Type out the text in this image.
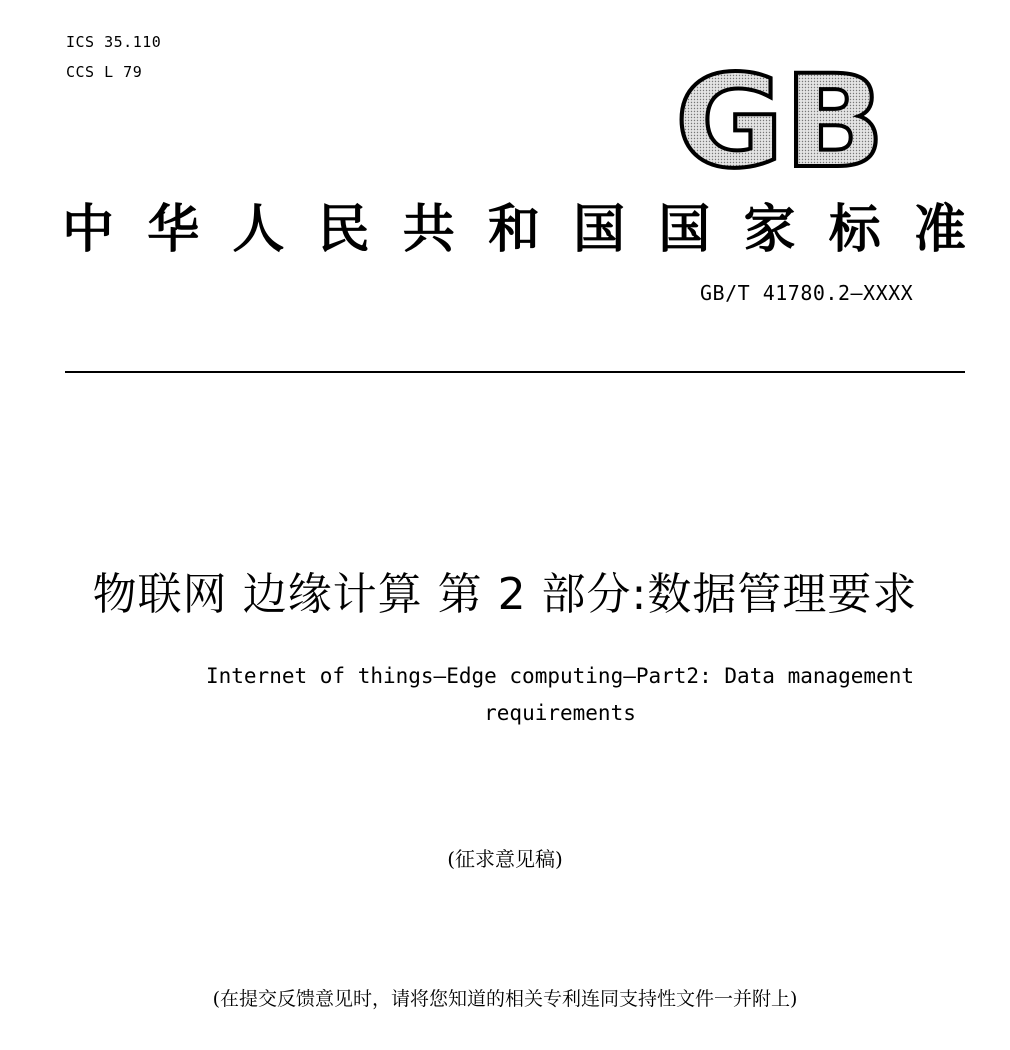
ICS 35.110
CCS L 79	GB
中 华 人 民 共 和 国 国 家 标 准
GB/T 41780.2—XXXX
物联网 边缘计算 第 2 部分:数据管理要求
Internet of things—Edge computing—Part2: Data management
requirements
(征求意见稿)
(在提交反馈意见时，请将您知道的相关专利连同支持性文件一并附上)
